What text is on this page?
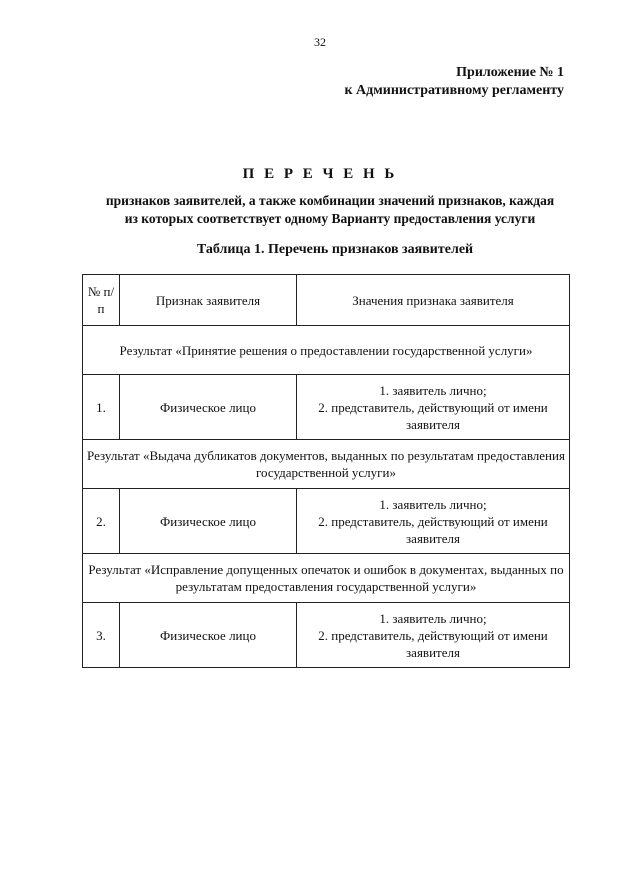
32
Приложение № 1
к Административному регламенту
П Е Р Е Ч Е Н Ь
признаков заявителей, а также комбинации значений признаков, каждая
из которых соответствует одному Варианту предоставления услуги
Таблица 1. Перечень признаков заявителей
№ п/п	Признак заявителя	Значения признака заявителя
Результат «Принятие решения о предоставлении государственной услуги»		
1.	Физическое лицо	1. заявитель лично;
2. представитель, действующий от имени заявителя

Результат «Выдача дубликатов документов, выданных по результатам предоставления государственной услуги»		
2.	Физическое лицо	1. заявитель лично;
2. представитель, действующий от имени заявителя

Результат «Исправление допущенных опечаток и ошибок в документах, выданных по результатам предоставления государственной услуги»		
3.	Физическое лицо	1. заявитель лично;
2. представитель, действующий от имени заявителя
